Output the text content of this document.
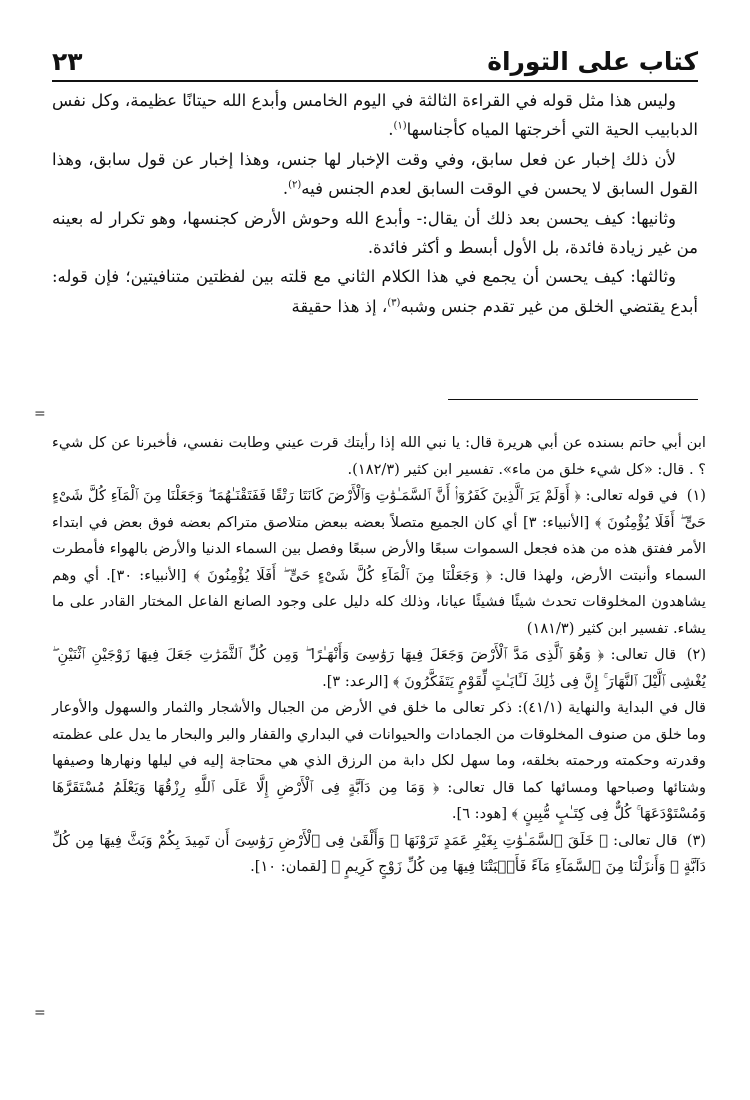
كتاب على التوراة
٢٣

وليس هذا مثل قوله في القراءة الثالثة في اليوم الخامس وأبدع الله حيتانًا عظيمة، وكل نفس الدبابيب الحية التي أخرجتها المياه كأجناسها$^{(١)}$.

لأن ذلك إخبار عن فعل سابق، وفي وقت الإخبار لها جنس، وهذا إخبار عن قول سابق، وهذا القول السابق لا يحسن في الوقت السابق لعدم الجنس فيه$^{(٢)}$.

وثانيها: كيف يحسن بعد ذلك أن يقال:- وأبدع الله وحوش الأرض كجنسها، وهو تكرار له بعينه من غير زيادة فائدة، بل الأول أبسط و أكثر فائدة.

وثالثها: كيف يحسن أن يجمع في هذا الكلام الثاني مع قلته بين لفظتين متنافيتين؛ فإن قوله: أبدع يقتضي الخلق من غير تقدم جنس وشبه$^{(٣)}$، إذ هذا حقيقة

=

ابن أبي حاتم بسنده عن أبي هريرة قال: يا نبي الله إذا رأيتك قرت عيني وطابت نفسي، فأخبرنا عن كل شيء ؟ . قال: «كل شيء خلق من ماء». تفسير ابن كثير (١٨٢/٣).

(١) في قوله تعالى: ﴿ أَوَلَمْ يَرَ ٱلَّذِينَ كَفَرُوٓا۟ أَنَّ ٱلسَّمَـٰوَٰتِ وَٱلْأَرْضَ كَانَتَا رَتْقًا فَفَتَقْنَـٰهُمَا ۖ وَجَعَلْنَا مِنَ ٱلْمَآءِ كُلَّ شَىْءٍ حَىٍّ ۖ أَفَلَا يُؤْمِنُونَ ﴾ [الأنبياء: ٣] أي كان الجميع متصلاً بعضه ببعض متلاصق متراكم بعضه فوق بعض في ابتداء الأمر ففتق هذه من هذه فجعل السموات سبعًا والأرض سبعًا وفصل بين السماء الدنيا والأرض بالهواء فأمطرت السماء وأنبتت الأرض، ولهذا قال: ﴿ وَجَعَلْنَا مِنَ ٱلْمَآءِ كُلَّ شَىْءٍ حَىٍّ ۖ أَفَلَا يُؤْمِنُونَ ﴾ [الأنبياء: ٣٠]. أي وهم يشاهدون المخلوقات تحدث شيئًا فشيئًا عيانا، وذلك كله دليل على وجود الصانع الفاعل المختار القادر على ما يشاء. تفسير ابن كثير (١٨١/٣)

(٢) قال تعالى: ﴿ وَهُوَ ٱلَّذِى مَدَّ ٱلْأَرْضَ وَجَعَلَ فِيهَا رَوَٰسِىَ وَأَنْهَـٰرًا ۖ وَمِن كُلِّ ٱلثَّمَرَٰتِ جَعَلَ فِيهَا زَوْجَيْنِ ٱثْنَيْنِ ۖ يُغْشِى ٱلَّيْلَ ٱلنَّهَارَ ۚ إِنَّ فِى ذَٰلِكَ لَـَٔايَـٰتٍ لِّقَوْمٍ يَتَفَكَّرُونَ ﴾ [الرعد: ٣].

قال في البداية والنهاية (٤١/١): ذكر تعالى ما خلق في الأرض من الجبال والأشجار والثمار والسهول والأوعار وما خلق من صنوف المخلوقات من الجمادات والحيوانات في البداري والقفار والبر والبحار ما يدل على عظمته وقدرته وحكمته ورحمته بخلقه، وما سهل لكل دابة من الرزق الذي هي محتاجة إليه في ليلها ونهارها وصيفها وشتائها وصباحها ومسائها كما قال تعالى: ﴿ وَمَا مِن دَآبَّةٍ فِى ٱلْأَرْضِ إِلَّا عَلَى ٱللَّهِ رِزْقُهَا وَيَعْلَمُ مُسْتَقَرَّهَا وَمُسْتَوْدَعَهَا ۚ كُلٌّ فِى كِتَـٰبٍ مُّبِينٍ ﴾ [هود: ٦].

(٣) قال تعالى: ﴿ خَلَقَ ٱلسَّمَـٰوَٰتِ بِغَيْرِ عَمَدٍ تَرَوْنَهَا ۖ وَأَلْقَىٰ فِى ٱلْأَرْضِ رَوَٰسِىَ أَن تَمِيدَ بِكُمْ وَبَثَّ فِيهَا مِن كُلِّ دَآبَّةٍ ۚ وَأَنزَلْنَا مِنَ ٱلسَّمَآءِ مَآءً فَأَنۢبَتْنَا فِيهَا مِن كُلِّ زَوْجٍ كَرِيمٍ ﴾ [لقمان: ١٠].

=
